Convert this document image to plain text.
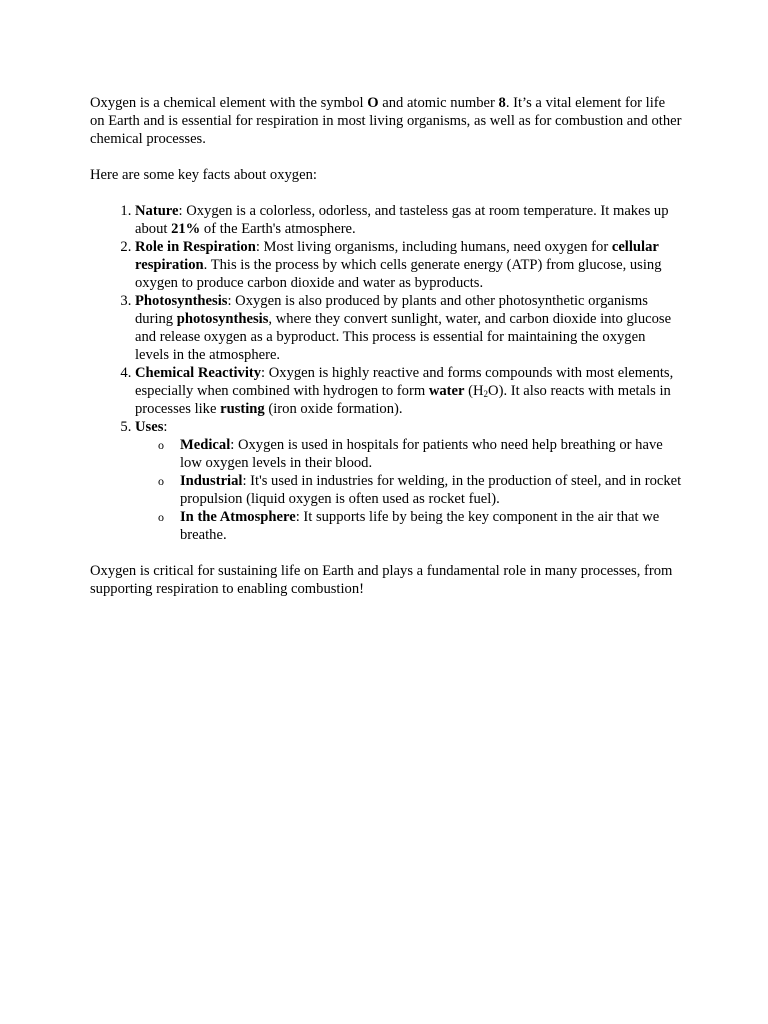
Oxygen is a chemical element with the symbol O and atomic number 8. It’s a vital element for life on Earth and is essential for respiration in most living organisms, as well as for combustion and other chemical processes.

Here are some key facts about oxygen:

1. Nature: Oxygen is a colorless, odorless, and tasteless gas at room temperature. It makes up about 21% of the Earth's atmosphere.
2. Role in Respiration: Most living organisms, including humans, need oxygen for cellular respiration. This is the process by which cells generate energy (ATP) from glucose, using oxygen to produce carbon dioxide and water as byproducts.
3. Photosynthesis: Oxygen is also produced by plants and other photosynthetic organisms during photosynthesis, where they convert sunlight, water, and carbon dioxide into glucose and release oxygen as a byproduct. This process is essential for maintaining the oxygen levels in the atmosphere.
4. Chemical Reactivity: Oxygen is highly reactive and forms compounds with most elements, especially when combined with hydrogen to form water $(H_2O)$. It also reacts with metals in processes like rusting (iron oxide formation).
5. Uses:
o Medical: Oxygen is used in hospitals for patients who need help breathing or have low oxygen levels in their blood.
o Industrial: It's used in industries for welding, in the production of steel, and in rocket propulsion (liquid oxygen is often used as rocket fuel).
o In the Atmosphere: It supports life by being the key component in the air that we breathe.

Oxygen is critical for sustaining life on Earth and plays a fundamental role in many processes, from supporting respiration to enabling combustion!
